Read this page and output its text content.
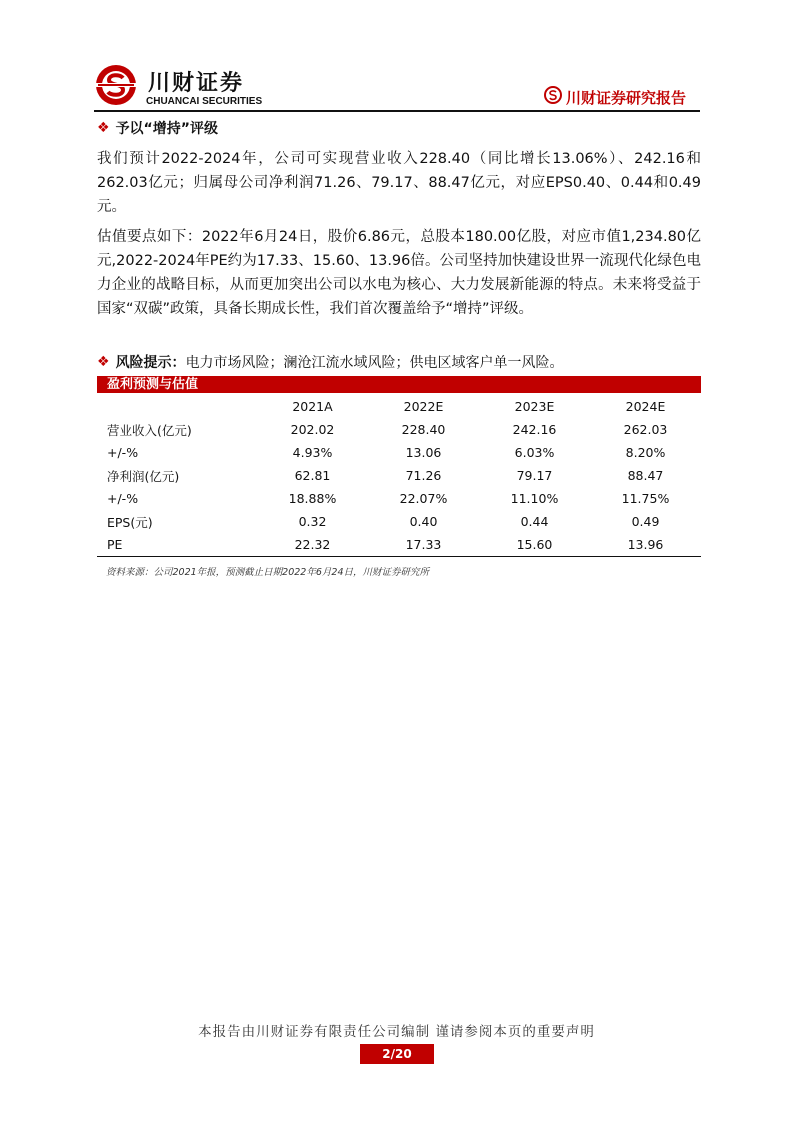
川财证券
CHUANCAI SECURITIES	川财证券研究报告
❖ 予以“增持”评级
我们预计2022-2024年，公司可实现营业收入228.40（同比增长13.06%）、242.16和262.03亿元；归属母公司净利润71.26、79.17、88.47亿元，对应EPS0.40、0.44和0.49元。
估值要点如下：2022年6月24日，股价6.86元，总股本180.00亿股，对应市值1,234.80亿元,2022-2024年PE约为17.33、15.60、13.96倍。公司坚持加快建设世界一流现代化绿色电力企业的战略目标，从而更加突出公司以水电为核心、大力发展新能源的特点。未来将受益于国家“双碳”政策，具备长期成长性，我们首次覆盖给予“增持”评级。
❖ 风险提示： 电力市场风险；澜沧江流水域风险；供电区域客户单一风险。
盈利预测与估值
	2021A	2022E	2023E	2024E
营业收入(亿元)	202.02	228.40	242.16	262.03
+/-%	4.93%	13.06	6.03%	8.20%
净利润(亿元)	62.81	71.26	79.17	88.47
+/-%	18.88%	22.07%	11.10%	11.75%
EPS(元)	0.32	0.40	0.44	0.49
PE	22.32	17.33	15.60	13.96
资料来源：公司2021年报，预测截止日期2022年6月24日，川财证券研究所
本报告由川财证券有限责任公司编制 谨请参阅本页的重要声明
2/20
